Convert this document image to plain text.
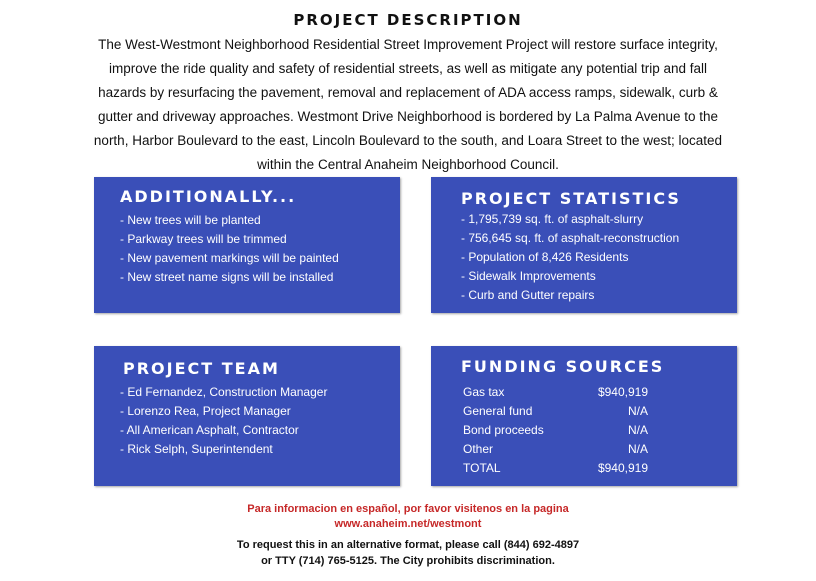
PROJECT DESCRIPTION
The West-Westmont Neighborhood Residential Street Improvement Project will restore surface integrity, improve the ride quality and safety of residential streets, as well as mitigate any potential trip and fall hazards by resurfacing the pavement, removal and replacement of ADA access ramps, sidewalk, curb & gutter and driveway approaches. Westmont Drive Neighborhood is bordered by La Palma Avenue to the north, Harbor Boulevard to the east, Lincoln Boulevard to the south, and Loara Street to the west; located within the Central Anaheim Neighborhood Council.
ADDITIONALLY...
- New trees will be planted
- Parkway trees will be trimmed
- New pavement markings will be painted
- New street name signs will be installed
PROJECT STATISTICS
- 1,795,739 sq. ft. of asphalt-slurry
- 756,645 sq. ft. of asphalt-reconstruction
- Population of 8,426 Residents
- Sidewalk Improvements
- Curb and Gutter repairs
PROJECT TEAM
- Ed Fernandez, Construction Manager
- Lorenzo Rea, Project Manager
- All American Asphalt, Contractor
- Rick Selph, Superintendent
FUNDING SOURCES
Gas tax	$940,919
General fund	N/A
Bond proceeds	N/A
Other	N/A
TOTAL	$940,919
Para informacion en español, por favor visitenos en la pagina
www.anaheim.net/westmont
To request this in an alternative format, please call (844) 692-4897
or TTY (714) 765-5125. The City prohibits discrimination.
